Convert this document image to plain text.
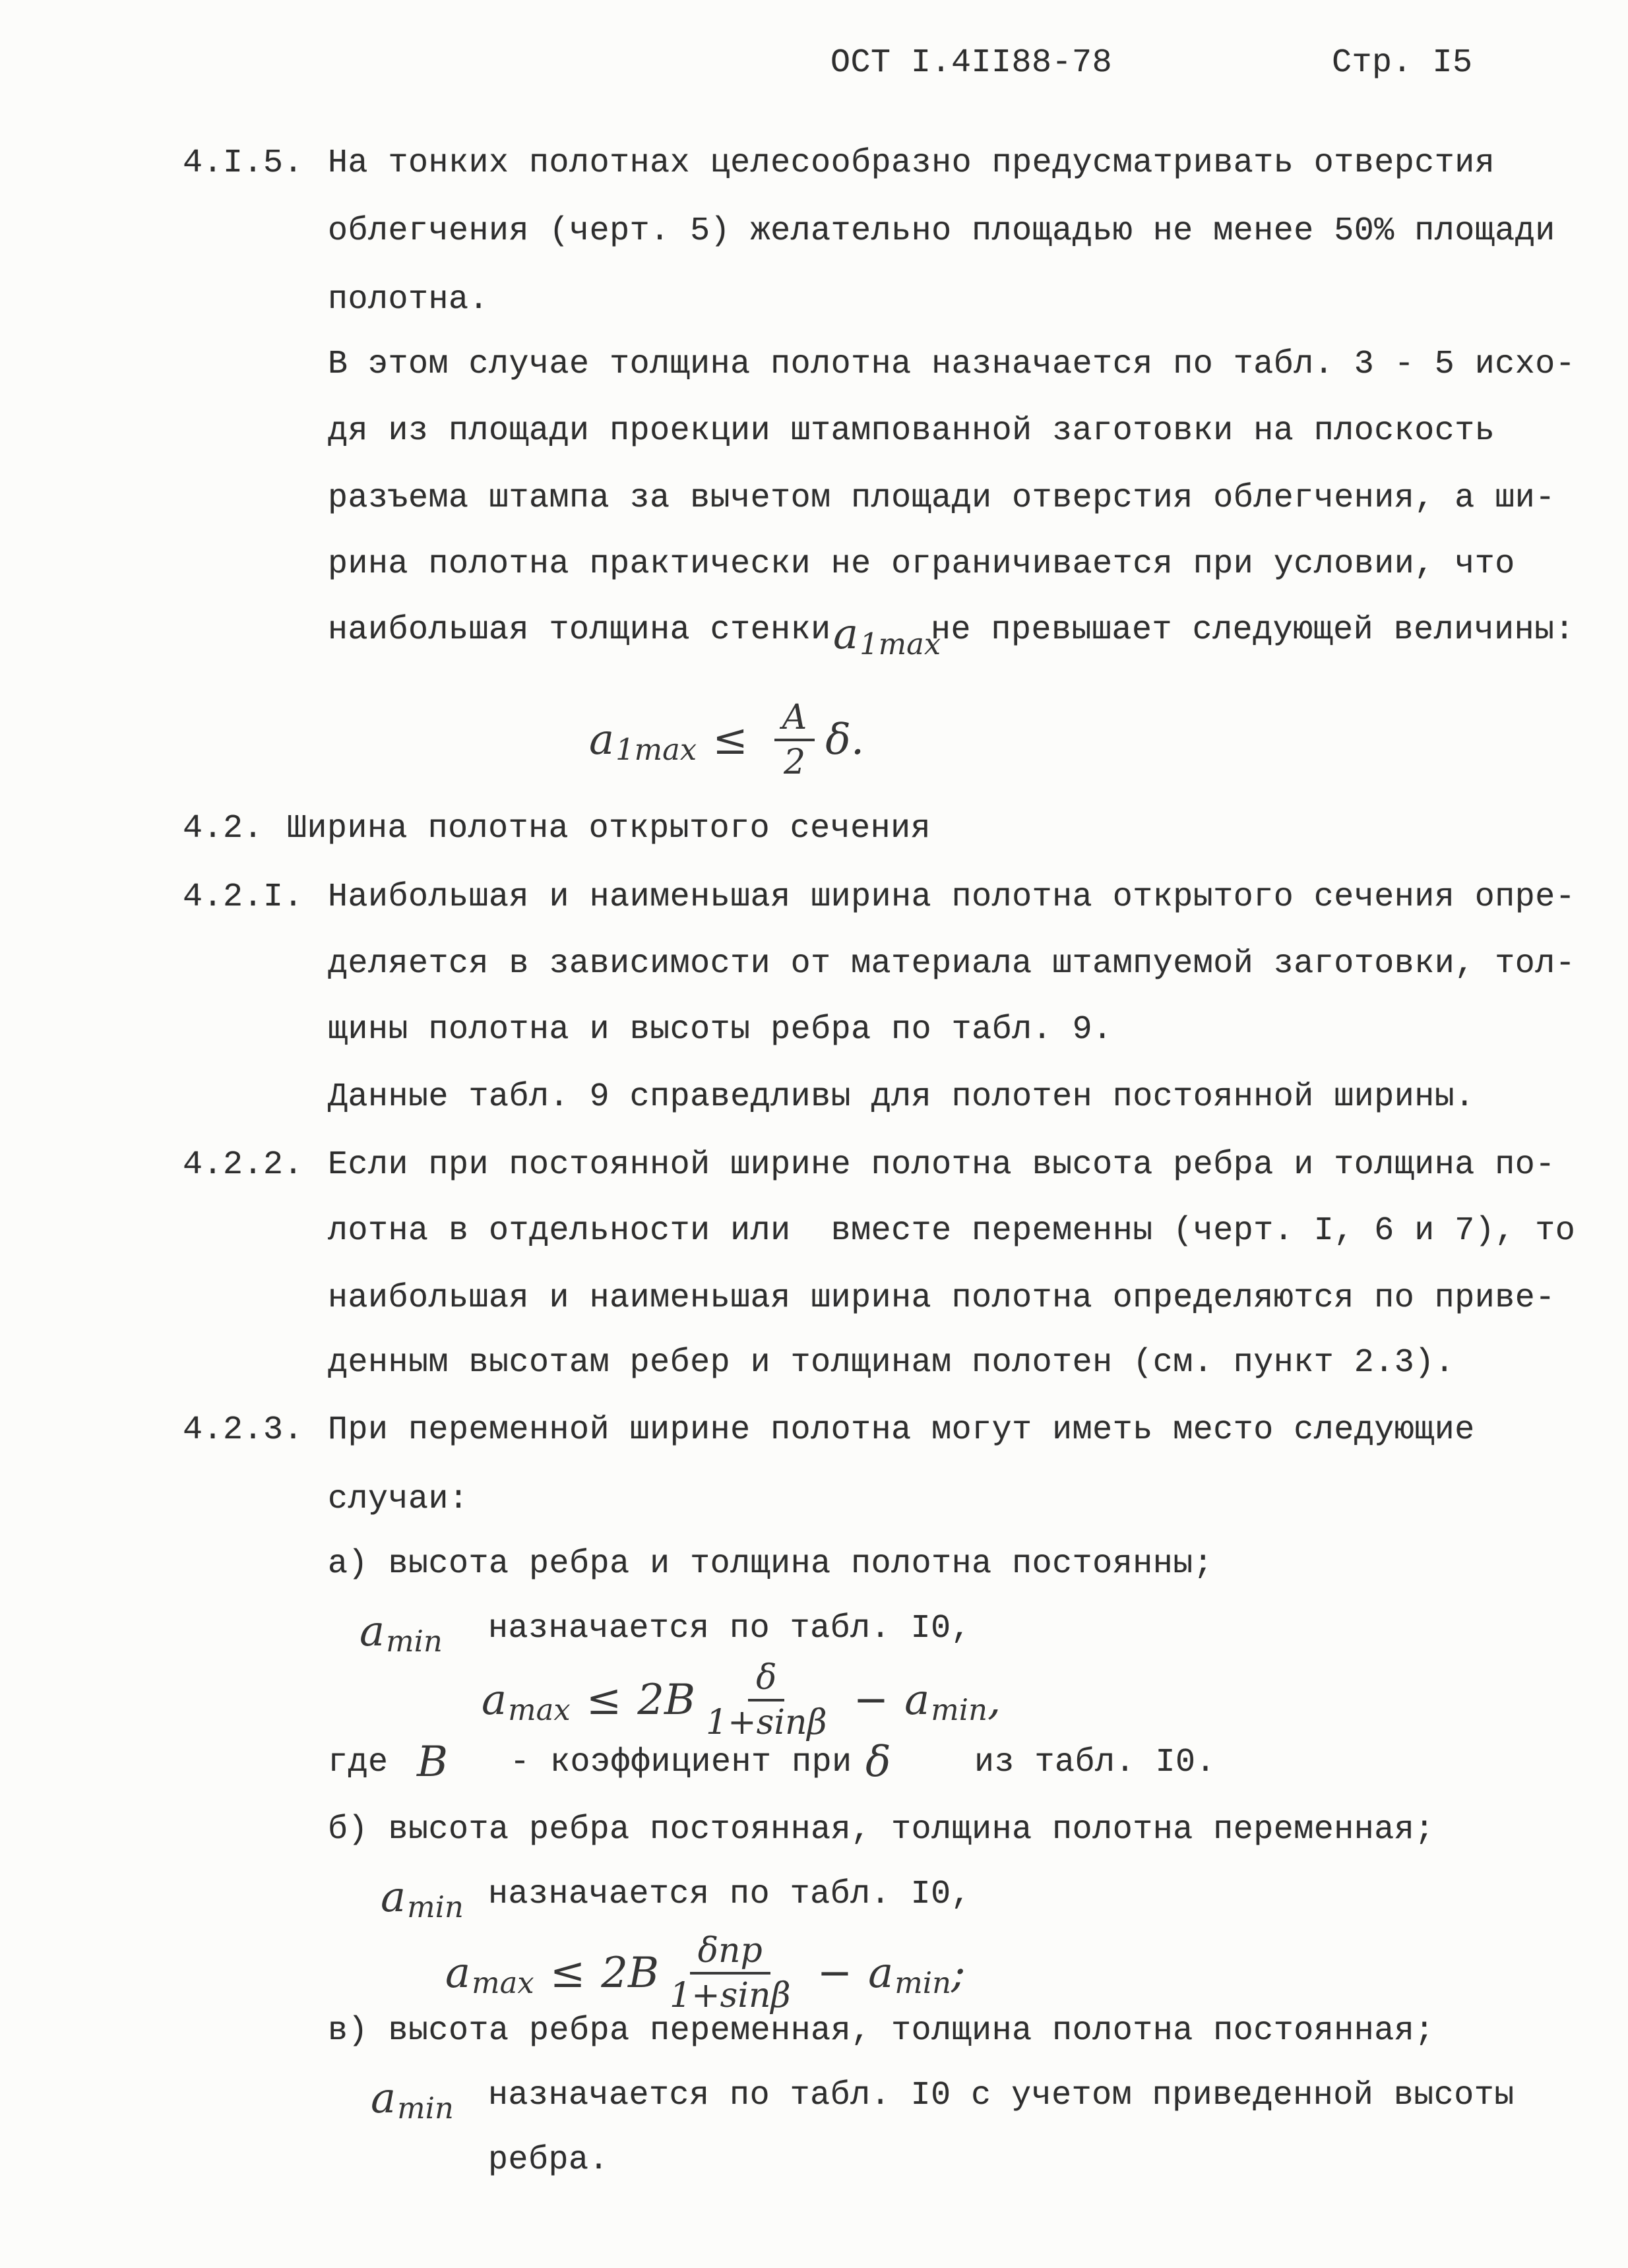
ОСТ I.4II88-78	Стр. I5
4.I.5. На тонких полотнах целесообразно предусматривать отверстия
облегчения (черт. 5) желательно площадью не менее 50% площади
полотна.
В этом случае толщина полотна назначается по табл. 3 - 5 исхо-
дя из площади проекции штампованной заготовки на плоскость
разъема штампа за вычетом площади отверстия облегчения, а ши-
рина полотна практически не ограничивается при условии, что
наибольшая толщина стенки a1max
не превышает следующей величины:
$a1\max \le \frac{A}{2}$ δ .
4.2. Ширина полотна открытого сечения
4.2.I. Наибольшая и наименьшая ширина полотна открытого сечения опре-
деляется в зависимости от материала штампуемой заготовки, тол-
щины полотна и высоты ребра по табл. 9.
Данные табл. 9 справедливы для полотен постоянной ширины.
4.2.2. Если при постоянной ширине полотна высота ребра и толщина по-
лотна в отдельности или  вместе переменны (черт. I, 6 и 7), то
наибольшая и наименьшая ширина полотна определяются по приве-
денным высотам ребер и толщинам полотен (см. пункт 2.3).
4.2.3. При переменной ширине полотна могут иметь место следующие
случаи:
а) высота ребра и толщина полотна постоянны;
amin назначается по табл. I0,
$amax \le 2B \frac{\delta}{1+\sin\beta} - amin$ ,
где B - коэффициент при δ	из табл. I0.
б) высота ребра постоянная, толщина полотна переменная;
amin назначается по табл. I0,
$amax \le 2B \frac{\text{δпр}}{1+\sin\beta} - amin$ ;
в) высота ребра переменная, толщина полотна постоянная;
amin назначается по табл. I0 с учетом приведенной высоты
ребра.
